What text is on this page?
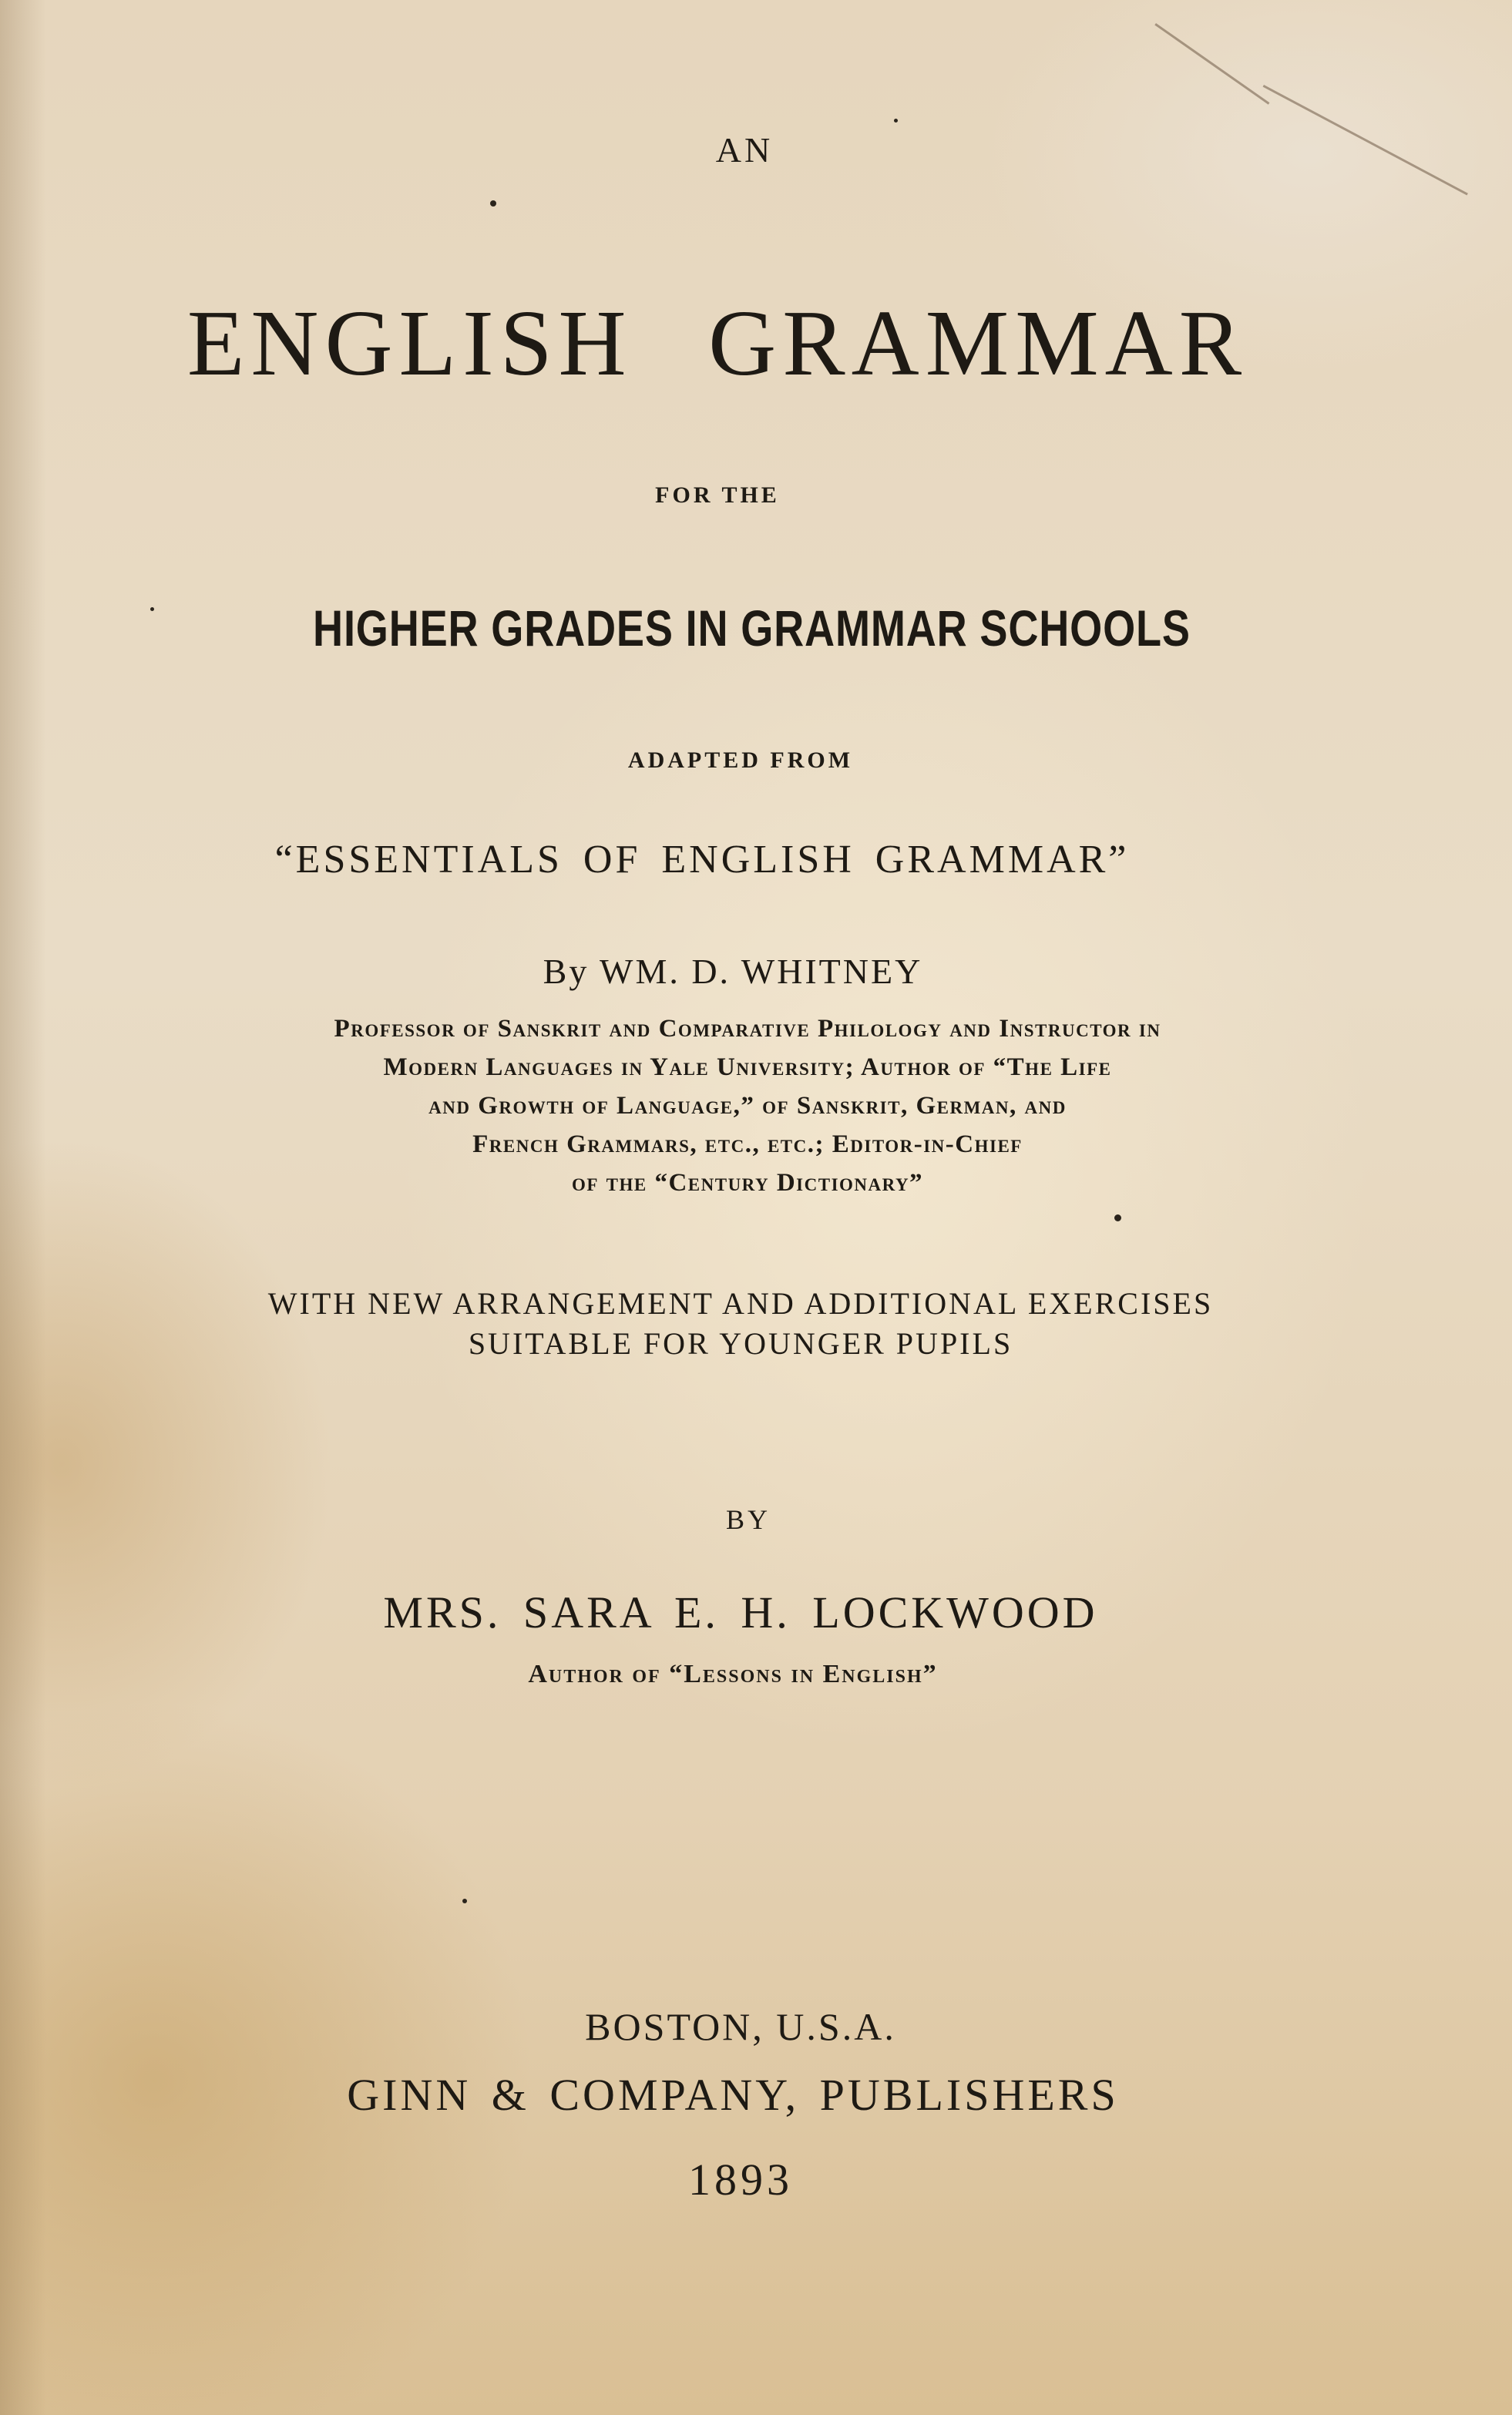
AN
ENGLISH GRAMMAR
FOR THE
HIGHER GRADES IN GRAMMAR SCHOOLS
ADAPTED FROM
“ESSENTIALS OF ENGLISH GRAMMAR”
By WM. D. WHITNEY
Professor of Sanskrit and Comparative Philology and Instructor in
Modern Languages in Yale University; Author of “The Life
and Growth of Language,” of Sanskrit, German, and
French Grammars, etc., etc.; Editor-in-Chief
of the “Century Dictionary”
WITH NEW ARRANGEMENT AND ADDITIONAL EXERCISES
SUITABLE FOR YOUNGER PUPILS
BY
MRS. SARA E. H. LOCKWOOD
Author of “Lessons in English”
BOSTON, U.S.A.
GINN & COMPANY, PUBLISHERS
1893
